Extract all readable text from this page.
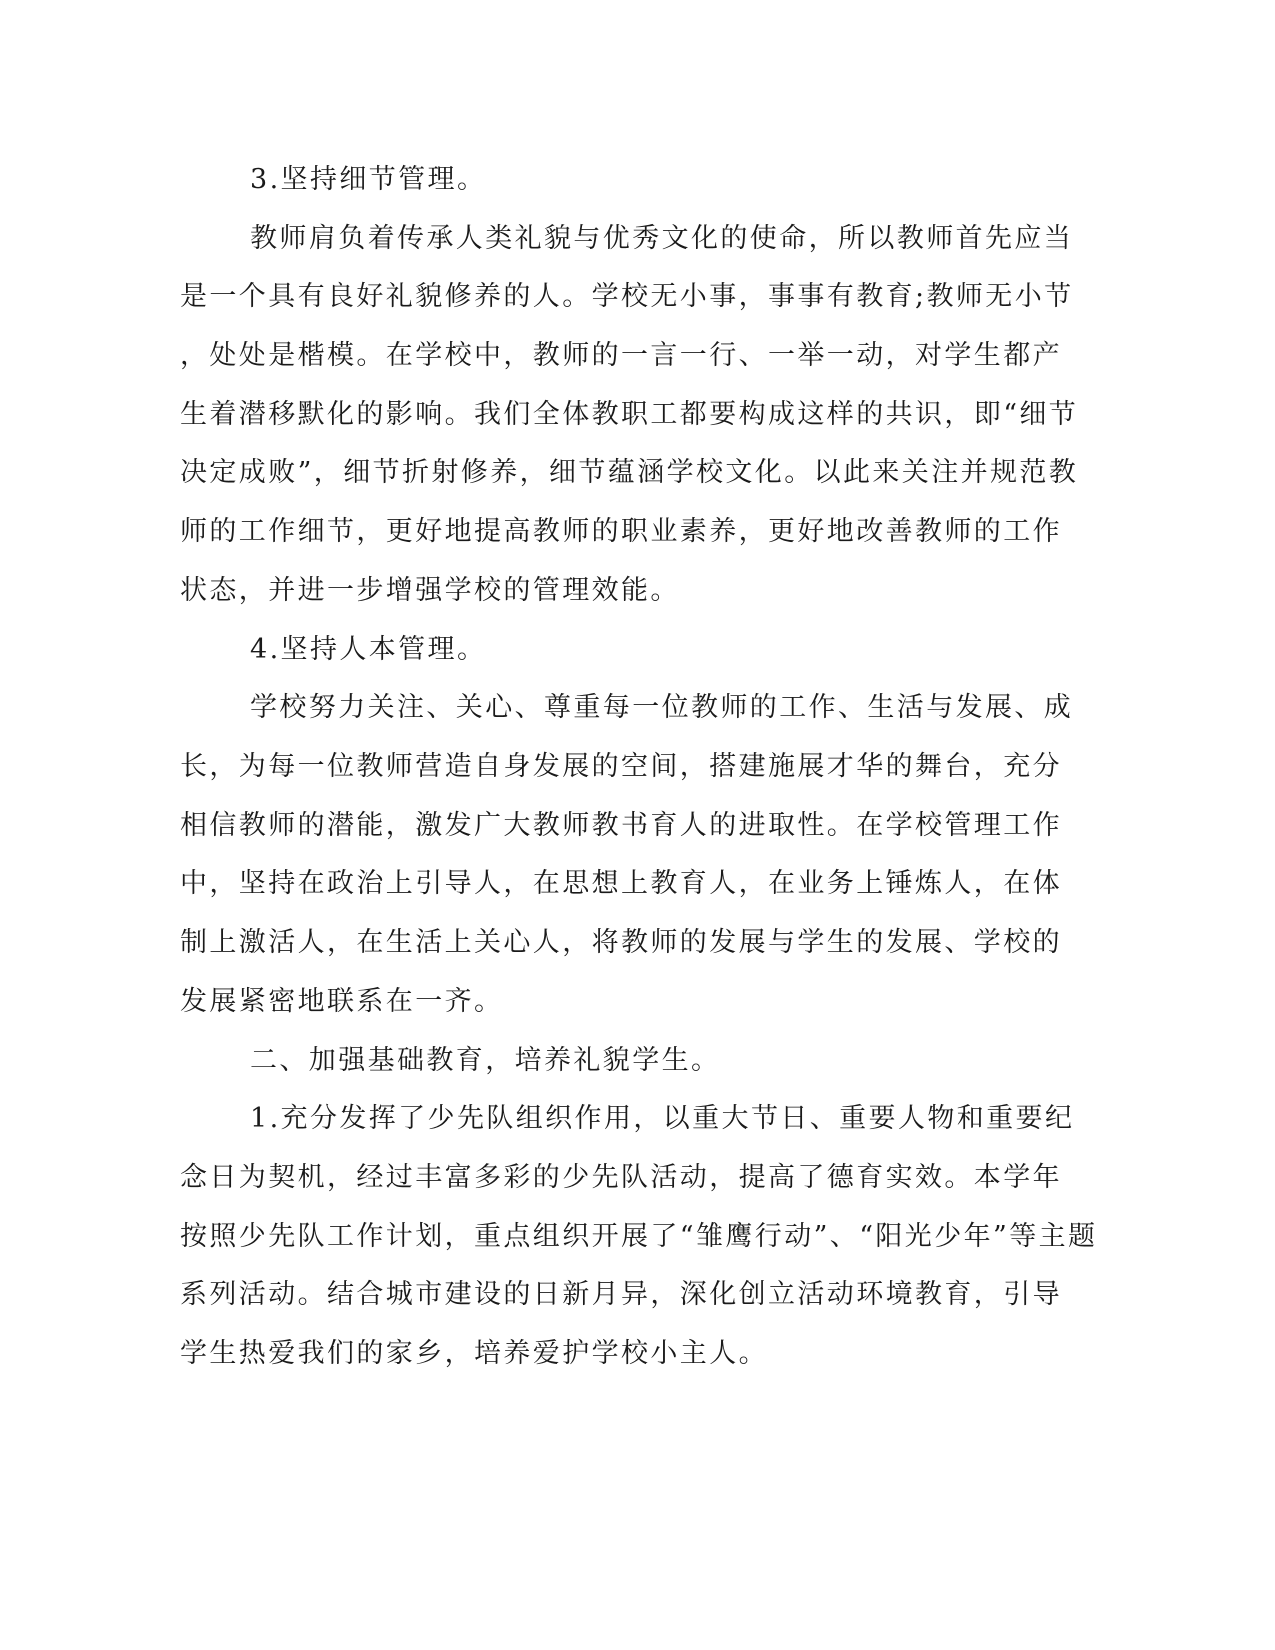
3.坚持细节管理。
教师肩负着传承人类礼貌与优秀文化的使命，所以教师首先应当
是一个具有良好礼貌修养的人。学校无小事，事事有教育;教师无小节
，处处是楷模。在学校中，教师的一言一行、一举一动，对学生都产
生着潜移默化的影响。我们全体教职工都要构成这样的共识，即“细节
决定成败”，细节折射修养，细节蕴涵学校文化。以此来关注并规范教
师的工作细节，更好地提高教师的职业素养，更好地改善教师的工作
状态，并进一步增强学校的管理效能。
4.坚持人本管理。
学校努力关注、关心、尊重每一位教师的工作、生活与发展、成
长，为每一位教师营造自身发展的空间，搭建施展才华的舞台，充分
相信教师的潜能，激发广大教师教书育人的进取性。在学校管理工作
中，坚持在政治上引导人，在思想上教育人，在业务上锤炼人，在体
制上激活人，在生活上关心人，将教师的发展与学生的发展、学校的
发展紧密地联系在一齐。
二、加强基础教育，培养礼貌学生。
1.充分发挥了少先队组织作用，以重大节日、重要人物和重要纪
念日为契机，经过丰富多彩的少先队活动，提高了德育实效。本学年
按照少先队工作计划，重点组织开展了“雏鹰行动”、“阳光少年”等主题
系列活动。结合城市建设的日新月异，深化创立活动环境教育，引导
学生热爱我们的家乡，培养爱护学校小主人。
